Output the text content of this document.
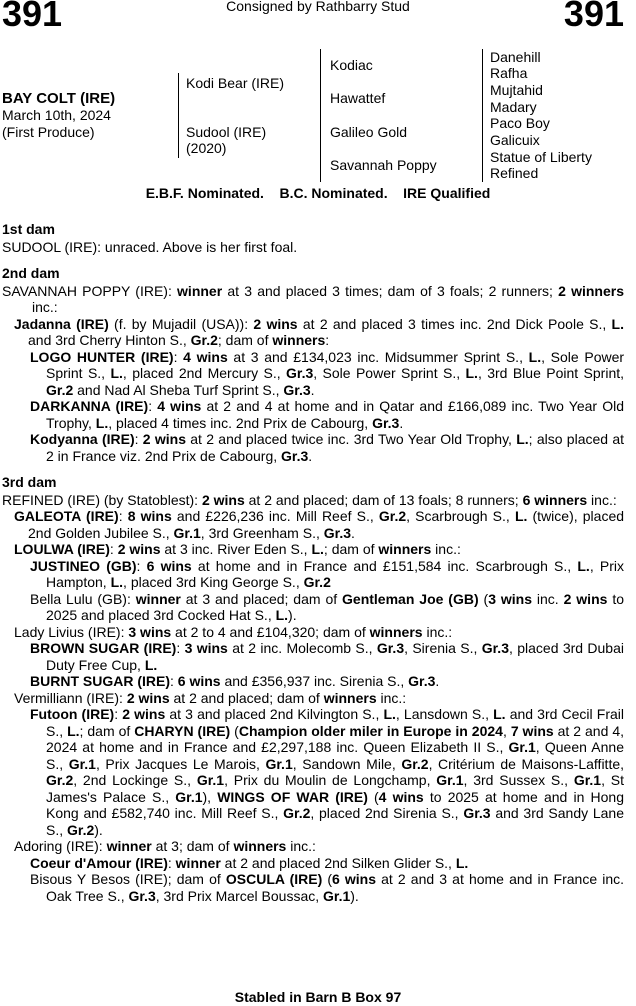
391	Consigned by Rathbarry Stud	391
BAY COLT (IRE)
March 10th, 2024
(First Produce)
Kodi Bear (IRE)
Sudool (IRE)
(2020)
Kodiac
Hawattef
Galileo Gold
Savannah Poppy
Danehill
Rafha
Mujtahid
Madary
Paco Boy
Galicuix
Statue of Liberty
Refined
E.B.F. Nominated.    B.C. Nominated.    IRE Qualified
1st dam
SUDOOL (IRE): unraced. Above is her first foal.
2nd dam
SAVANNAH POPPY (IRE): winner at 3 and placed 3 times; dam of 3 foals; 2 runners; 2 winners inc.:
Jadanna (IRE) (f. by Mujadil (USA)): 2 wins at 2 and placed 3 times inc. 2nd Dick Poole S., L. and 3rd Cherry Hinton S., Gr.2; dam of winners:
LOGO HUNTER (IRE): 4 wins at 3 and £134,023 inc. Midsummer Sprint S., L., Sole Power Sprint S., L., placed 2nd Mercury S., Gr.3, Sole Power Sprint S., L., 3rd Blue Point Sprint, Gr.2 and Nad Al Sheba Turf Sprint S., Gr.3.
DARKANNA (IRE): 4 wins at 2 and 4 at home and in Qatar and £166,089 inc. Two Year Old Trophy, L., placed 4 times inc. 2nd Prix de Cabourg, Gr.3.
Kodyanna (IRE): 2 wins at 2 and placed twice inc. 3rd Two Year Old Trophy, L.; also placed at 2 in France viz. 2nd Prix de Cabourg, Gr.3.
3rd dam
REFINED (IRE) (by Statoblest): 2 wins at 2 and placed; dam of 13 foals; 8 runners; 6 winners inc.:
GALEOTA (IRE): 8 wins and £226,236 inc. Mill Reef S., Gr.2, Scarbrough S., L. (twice), placed 2nd Golden Jubilee S., Gr.1, 3rd Greenham S., Gr.3.
LOULWA (IRE): 2 wins at 3 inc. River Eden S., L.; dam of winners inc.:
JUSTINEO (GB): 6 wins at home and in France and £151,584 inc. Scarbrough S., L., Prix Hampton, L., placed 3rd King George S., Gr.2
Bella Lulu (GB): winner at 3 and placed; dam of Gentleman Joe (GB) (3 wins inc. 2 wins to 2025 and placed 3rd Cocked Hat S., L.).
Lady Livius (IRE): 3 wins at 2 to 4 and £104,320; dam of winners inc.:
BROWN SUGAR (IRE): 3 wins at 2 inc. Molecomb S., Gr.3, Sirenia S., Gr.3, placed 3rd Dubai Duty Free Cup, L.
BURNT SUGAR (IRE): 6 wins and £356,937 inc. Sirenia S., Gr.3.
Vermilliann (IRE): 2 wins at 2 and placed; dam of winners inc.:
Futoon (IRE): 2 wins at 3 and placed 2nd Kilvington S., L., Lansdown S., L. and 3rd Cecil Frail S., L.; dam of CHARYN (IRE) (Champion older miler in Europe in 2024, 7 wins at 2 and 4, 2024 at home and in France and £2,297,188 inc. Queen Elizabeth II S., Gr.1, Queen Anne S., Gr.1, Prix Jacques Le Marois, Gr.1, Sandown Mile, Gr.2, Critérium de Maisons-Laffitte, Gr.2, 2nd Lockinge S., Gr.1, Prix du Moulin de Longchamp, Gr.1, 3rd Sussex S., Gr.1, St James's Palace S., Gr.1), WINGS OF WAR (IRE) (4 wins to 2025 at home and in Hong Kong and £582,740 inc. Mill Reef S., Gr.2, placed 2nd Sirenia S., Gr.3 and 3rd Sandy Lane S., Gr.2).
Adoring (IRE): winner at 3; dam of winners inc.:
Coeur d'Amour (IRE): winner at 2 and placed 2nd Silken Glider S., L.
Bisous Y Besos (IRE); dam of OSCULA (IRE) (6 wins at 2 and 3 at home and in France inc. Oak Tree S., Gr.3, 3rd Prix Marcel Boussac, Gr.1).
Stabled in Barn B Box 97
